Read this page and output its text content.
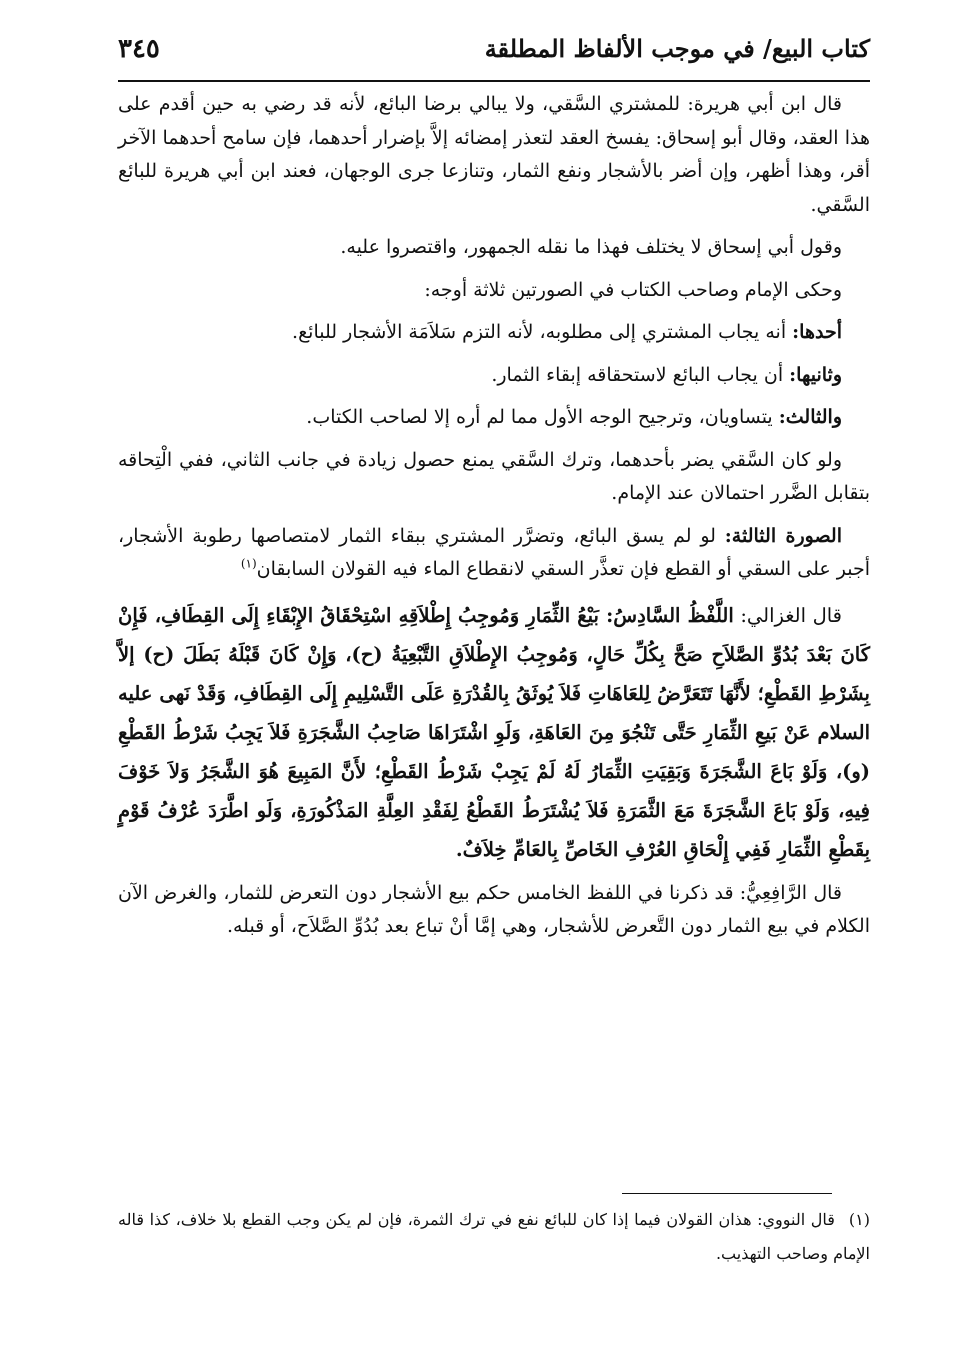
كتاب البيع/ في موجب الألفاظ المطلقة
٣٤٥

قال ابن أبي هريرة: للمشتري السَّقي، ولا يبالي برضا البائع، لأنه قد رضي به حين أقدم على هذا العقد، وقال أبو إسحاق: يفسخ العقد لتعذر إمضائه إلاَّ بإضرار أحدهما، فإن سامح أحدهما الآخر أقر، وهذا أظهر، وإن أضر بالأشجار ونفع الثمار، وتنازعا جرى الوجهان، فعند ابن أبي هريرة للبائع السَّقي.

وقول أبي إسحاق لا يختلف فهذا ما نقله الجمهور، واقتصروا عليه.

وحكى الإمام وصاحب الكتاب في الصورتين ثلاثة أوجه:

أحدها: أنه يجاب المشتري إلى مطلوبه، لأنه التزم سَلاَمَة الأشجار للبائع.

وثانيها: أن يجاب البائع لاستحقاقه إبقاء الثمار.

والثالث: يتساويان، وترجيح الوجه الأول مما لم أره إلا لصاحب الكتاب.

ولو كان السَّقي يضر بأحدهما، وترك السَّقي يمنع حصول زيادة في جانب الثاني، ففي الْتِحاقه بتقابل الضَّرر احتمالان عند الإمام.

الصورة الثالثة: لو لم يسق البائع، وتضرَّر المشتري ببقاء الثمار لامتصاصها رطوبة الأشجار، أجبر على السقي أو القطع فإن تعذَّر السقي لانقطاع الماء فيه القولان السابقان$^{(١)}$

قال الغزالي: اللَّفْظُ السَّادِسُ: بَيْعُ الثِّمَارِ وَمُوجِبُ إِطْلاَقِهِ اسْتِحْقَاقُ الإِبْقَاءِ إِلَى القِطَافِ، فَإِنْ كَانَ بَعْدَ بُدُوِّ الصَّلاَحِ صَحَّ بِكُلِّ حَالٍ، وَمُوجِبُ الإِطْلاَقِ التَّبْعِيَةُ (ح)، وَإِنْ كَانَ قَبْلَهُ بَطَلَ (ح) إلاَّ بِشَرْطِ القَطْعِ؛ لأَنَّهَا تَتَعَرَّضُ لِلعَاهَاتِ فَلاَ يُوثَقُ بِالقُدْرَةِ عَلَى التَّسْلِيمِ إِلَى القِطَافِ، وَقَدْ نَهى عليه السلام عَنْ بَيعِ الثِّمَارِ حَتَّى تَنْجُوَ مِنَ العَاهَةِ، وَلَوِ اشْتَرَاهَا صَاحِبُ الشَّجَرَةِ فَلاَ يَجِبُ شَرْطُ القَطْعِ (و)، وَلَوْ بَاعَ الشَّجَرَةَ وَبَقِيَتِ الثِّمَارُ لَهُ لَمْ يَجِبْ شَرْطُ القَطْعِ؛ لأَنَّ المَبِيعَ هُوَ الشَّجَرُ وَلاَ خَوْفَ فِيهِ، وَلَوْ بَاعَ الشَّجَرَةَ مَعَ الثَّمَرَةِ فَلاَ يُشْتَرَطُ القَطْعُ لِفَقْدِ العِلَّةِ المَذْكُورَةِ، وَلَو اطَّرَدَ عُرْفُ قَوْمٍ بِقَطْعِ الثِّمَارِ فَفِي إِلْحَاقِ العُرْفِ الخَاصِّ بِالعَامِّ خِلاَفٌ.

قال الرَّافِعِيُّ: قد ذكرنا في اللفظ الخامس حكم بيع الأشجار دون التعرض للثمار، والغرض الآن الكلام في بيع الثمار دون التَّعرض للأشجار، وهي إمَّا أنْ تباع بعد بُدُوِّ الصَّلاَح، أو قبله.

(١)قال النووي: هذان القولان فيما إذا كان للبائع نفع في ترك الثمرة، فإن لم يكن وجب القطع بلا خلاف، كذا قاله الإمام وصاحب التهذيب.
